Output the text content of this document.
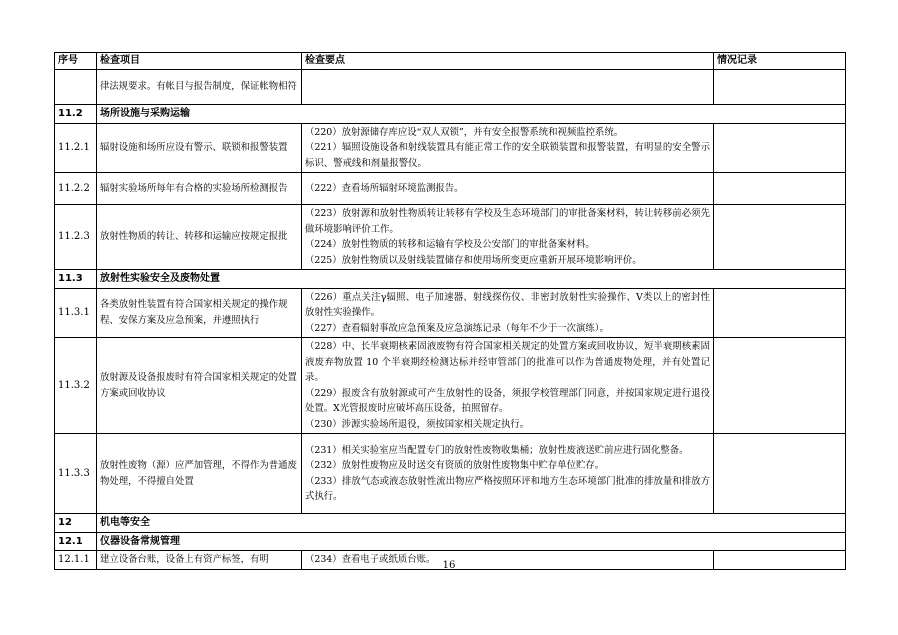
序号	检查项目	检查要点	情况记录
	律法规要求。有帐目与报告制度，保证帐物相符	

11.2	场所设施与采购运输		
11.2.1	辐射设施和场所应设有警示、联锁和报警装置	（220）放射源储存库应设“双人双锁”，并有安全报警系统和视频监控系统。
（221）辐照设施设备和射线装置具有能正常工作的安全联锁装置和报警装置，有明显的安全警示标识、警戒线和剂量报警仪。	

11.2.2	辐射实验场所每年有合格的实验场所检测报告	（222）查看场所辐射环境监测报告。	

11.2.3	放射性物质的转让、转移和运输应按规定报批	（223）放射源和放射性物质转让转移有学校及生态环境部门的审批备案材料，转让转移前必须先做环境影响评价工作。
（224）放射性物质的转移和运输有学校及公安部门的审批备案材料。
（225）放射性物质以及射线装置储存和使用场所变更应重新开展环境影响评价。	

11.3	放射性实验安全及废物处置		
11.3.1	各类放射性装置有符合国家相关规定的操作规程、安保方案及应急预案，并遵照执行	（226）重点关注γ辐照、电子加速器、射线探伤仪、非密封放射性实验操作、V类以上的密封性放射性实验操作。
（227）查看辐射事故应急预案及应急演练记录（每年不少于一次演练）。	

11.3.2	放射源及设备报废时有符合国家相关规定的处置方案或回收协议	（228）中、长半衰期核素固液废物有符合国家相关规定的处置方案或回收协议，短半衰期核素固液废弃物放置 10 个半衰期经检测达标并经审管部门的批准可以作为普通废物处理，并有处置记录。
（229）报废含有放射源或可产生放射性的设备，须报学校管理部门同意，并按国家规定进行退役处置。X光管报废时应破坏高压设备，拍照留存。
（230）涉源实验场所退役，须按国家相关规定执行。	

11.3.3	放射性废物（源）应严加管理，不得作为普通废物处理，不得擅自处置	（231）相关实验室应当配置专门的放射性废物收集桶；放射性废液送贮前应进行固化整备。
（232）放射性废物应及时送交有资质的放射性废物集中贮存单位贮存。
（233）排放气态或液态放射性流出物应严格按照环评和地方生态环境部门批准的排放量和排放方式执行。	

12	机电等安全		
12.1	仪器设备常规管理		
12.1.1	建立设备台账，设备上有资产标签，有明	（234）查看电子或纸质台账。	

16
